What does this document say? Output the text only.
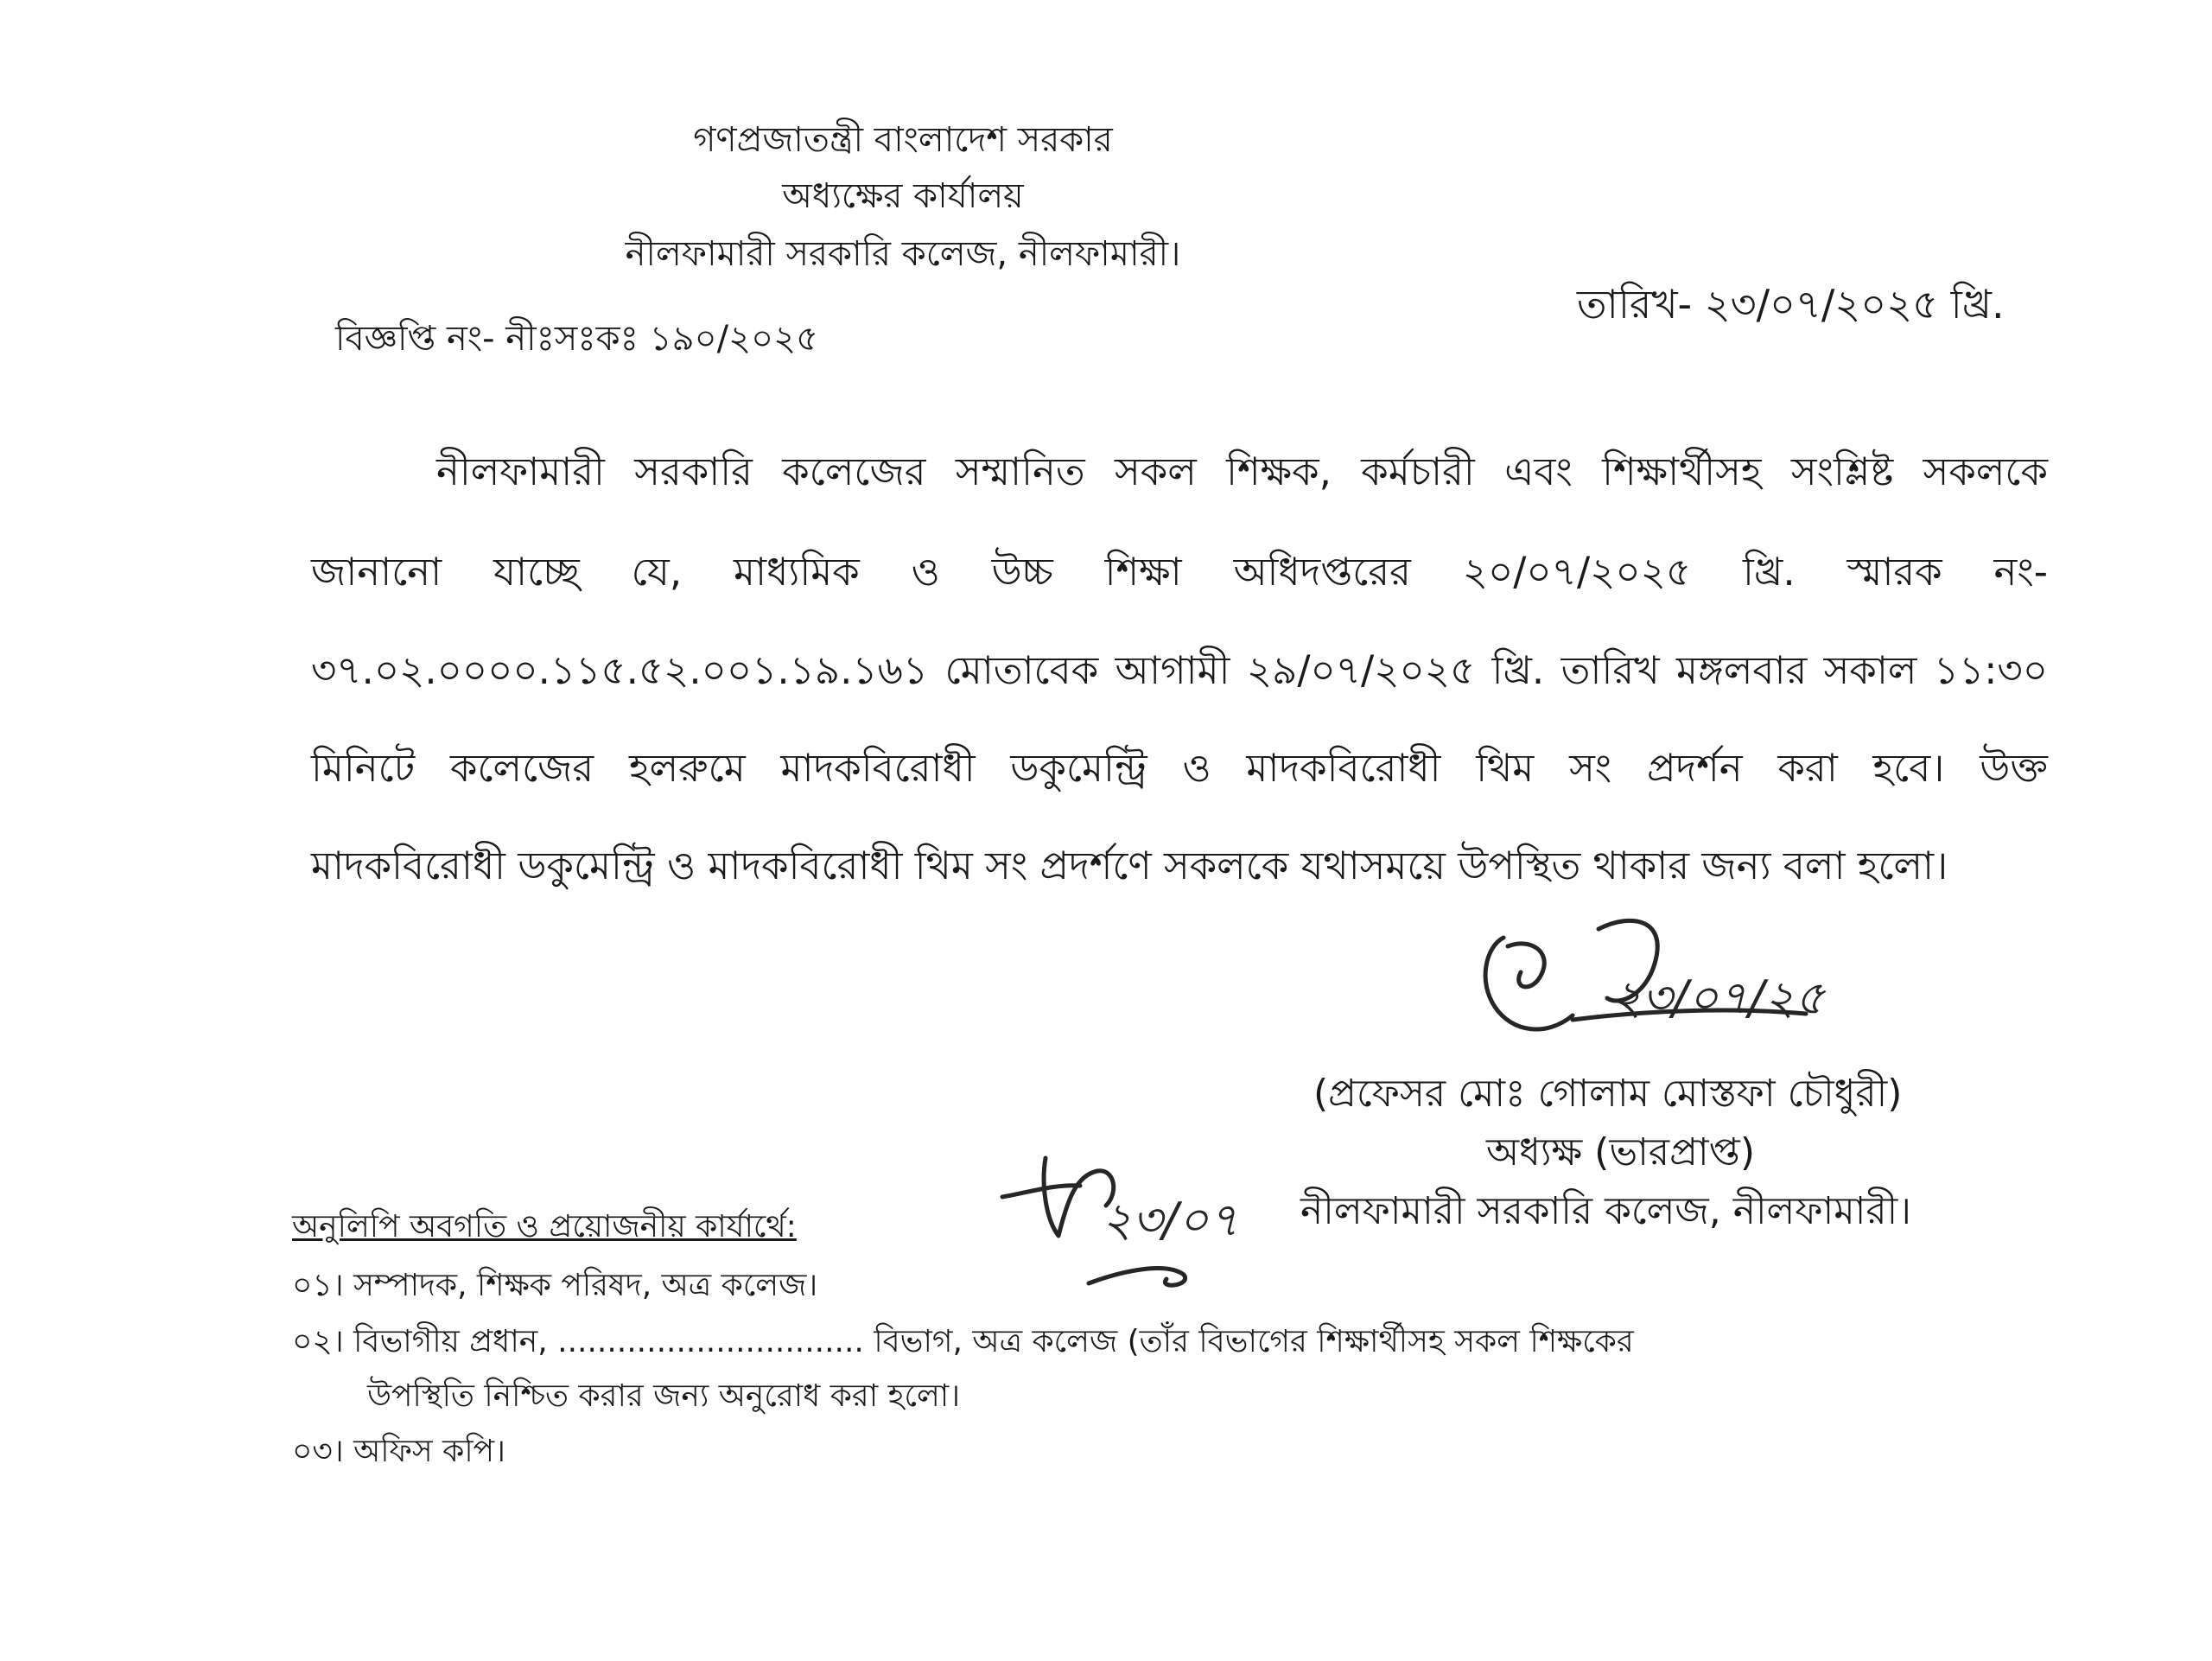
গণপ্রজাতন্ত্রী বাংলাদেশ সরকার
অধ্যক্ষের কার্যালয়
নীলফামারী সরকারি কলেজ, নীলফামারী।
বিজ্ঞপ্তি নং- নীঃসঃকঃ ১৯০/২০২৫
তারিখ- ২৩/০৭/২০২৫ খ্রি.
নীলফামারী সরকারি কলেজের সম্মানিত সকল শিক্ষক, কর্মচারী এবং শিক্ষার্থীসহ সংশ্লিষ্ট সকলকে
জানানো যাচ্ছে যে, মাধ্যমিক ও উচ্চ শিক্ষা অধিদপ্তরের ২০/০৭/২০২৫ খ্রি. স্মারক নং-
৩৭.০২.০০০০.১১৫.৫২.০০১.১৯.১৬১ মোতাবেক আগামী ২৯/০৭/২০২৫ খ্রি. তারিখ মঙ্গলবার সকাল ১১:৩০
মিনিটে কলেজের হলরুমে মাদকবিরোধী ডকুমেন্ট্রি ও মাদকবিরোধী থিম সং প্রদর্শন করা হবে। উক্ত
মাদকবিরোধী ডকুমেন্ট্রি ও মাদকবিরোধী থিম সং প্রদর্শণে সকলকে যথাসময়ে উপস্থিত থাকার জন্য বলা হলো।
২৩/০৭/২৫
(প্রফেসর মোঃ গোলাম মোস্তফা চৌধুরী)
অধ্যক্ষ (ভারপ্রাপ্ত)
নীলফামারী সরকারি কলেজ, নীলফামারী।
২৩/০৭
অনুলিপি অবগতি ও প্রয়োজনীয় কার্যার্থে:
০১। সম্পাদক, শিক্ষক পরিষদ, অত্র কলেজ।
০২। বিভাগীয় প্রধান, ............................... বিভাগ, অত্র কলেজ (তাঁর বিভাগের শিক্ষার্থীসহ সকল শিক্ষকের
উপস্থিতি নিশ্চিত করার জন্য অনুরোধ করা হলো।
০৩। অফিস কপি।
